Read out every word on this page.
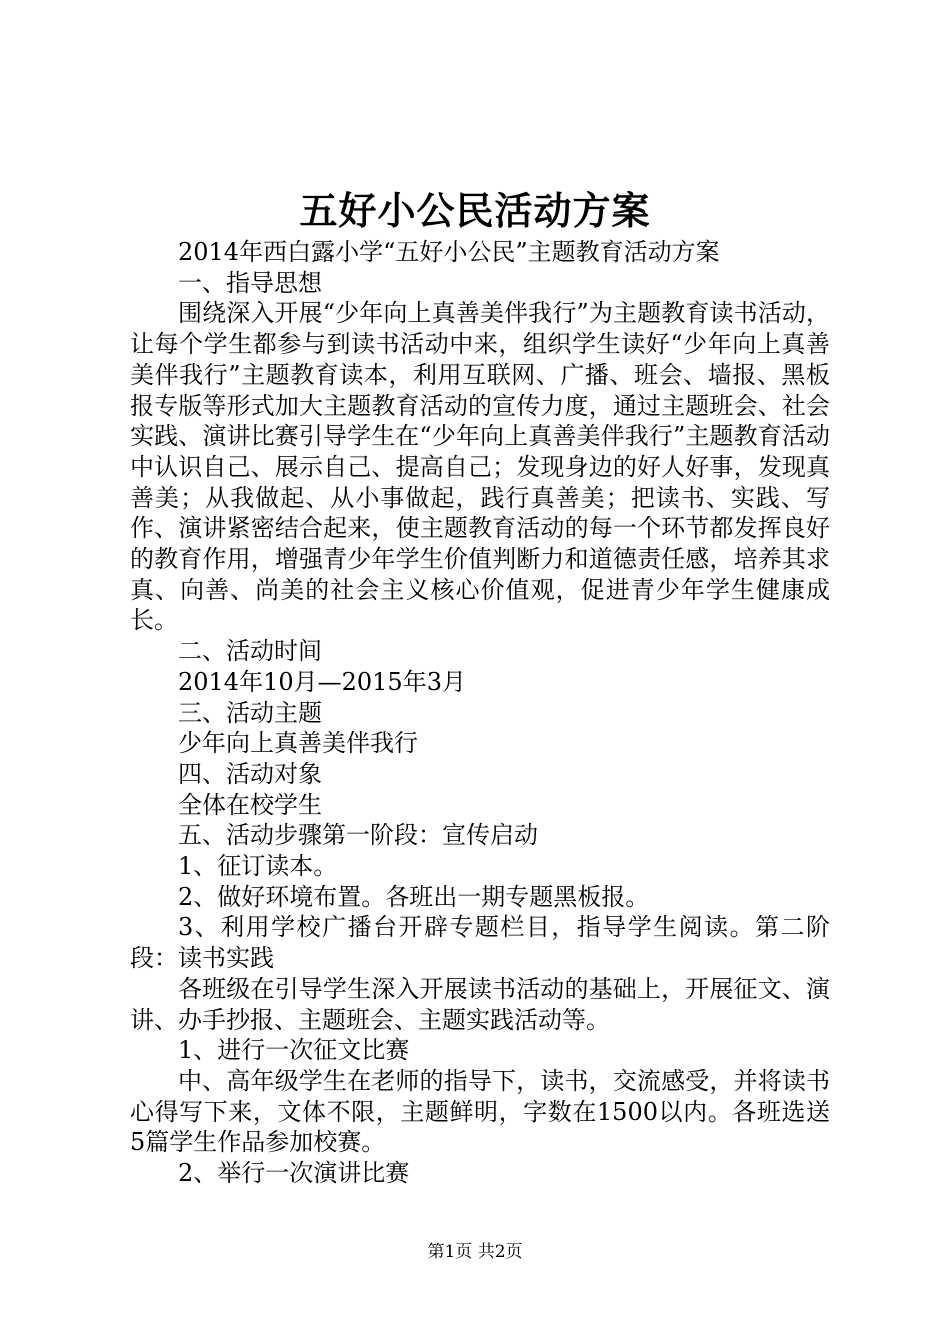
五好小公民活动方案

2014年西白露小学“五好小公民”主题教育活动方案

一、指导思想

围绕深入开展“少年向上真善美伴我行”为主题教育读书活动，让每个学生都参与到读书活动中来，组织学生读好“少年向上真善美伴我行”主题教育读本，利用互联网、广播、班会、墙报、黑板报专版等形式加大主题教育活动的宣传力度，通过主题班会、社会实践、演讲比赛引导学生在“少年向上真善美伴我行”主题教育活动中认识自己、展示自己、提高自己；发现身边的好人好事，发现真善美；从我做起、从小事做起，践行真善美；把读书、实践、写作、演讲紧密结合起来，使主题教育活动的每一个环节都发挥良好的教育作用，增强青少年学生价值判断力和道德责任感，培养其求真、向善、尚美的社会主义核心价值观，促进青少年学生健康成长。

二、活动时间

2014年10月—2015年3月

三、活动主题

少年向上真善美伴我行

四、活动对象

全体在校学生

五、活动步骤第一阶段：宣传启动

1、征订读本。

2、做好环境布置。各班出一期专题黑板报。

3、利用学校广播台开辟专题栏目，指导学生阅读。第二阶段：读书实践

各班级在引导学生深入开展读书活动的基础上，开展征文、演讲、办手抄报、主题班会、主题实践活动等。

1、进行一次征文比赛

中、高年级学生在老师的指导下，读书，交流感受，并将读书心得写下来，文体不限，主题鲜明，字数在1500以内。各班选送5篇学生作品参加校赛。

2、举行一次演讲比赛

第1页 共2页
